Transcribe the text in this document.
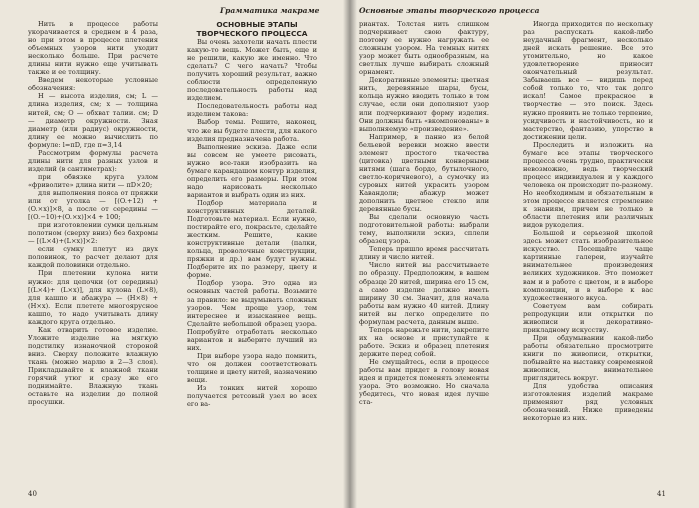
Грамматика макраме

Нить в процессе работы укорачивается в среднем в 4 раза, но при этом в процессе плетения объемных узоров нити уходит несколько больше. При расчете длины нити нужно еще учитывать также и ее толщину.

Введем некоторые условные обозначения:

H — высота изделия, см; L — длина изделия, см; x — толщина нитей, см; O — обхват талии. см; D — диаметр окружности. Зная диаметр (или радиус) окружности, длину ее можно вычислить по формуле: l=πD, где π=3,14

Рассмотрим формулы расчета длины нити для разных узлов и изделий (в сантиметрах):

при обвязке круга узлом «фриволите» длина нити — πD×20;

для выполнения пояса от пряжки или от уголка — [(O.+12) + (O.×x)]×8, а после от середины — [(O.−10)+(O.×x)]×4 + 100;

при изготовлении сумки цельным полотном (сверху вниз) без бахромы — [(L×4)+(L×x)]×2:

если сумку плетут из двух половинок, то расчет делают для каждой половинки отдельно.

При плетении кулона нити нужно: для цепочки (от середины) [(L×4)+ (L×x)], для кулона (L×8), для кашпо и абажура — (H×8) + (H×x). Если плетете многоярусное кашпо, то надо учитывать длину каждого круга отдельно.

Как отварить готовое изделие. Уложите изделие на мягкую подстилку изнаночной стороной вниз. Сверху положите влажную ткань (можно марлю в 2—3 слоя). Прикладывайте к влажной ткани горячий утюг и сразу же его поднимайте. Влажную ткань оставьте на изделии до полной просушки.

ОСНОВНЫЕ ЭТАПЫ ТВОРЧЕСКОГО ПРОЦЕССА

Вы очень захотели начать плести какую-то вещь. Может быть, еще и не решили, какую же именно. Что сделать? С чего начать? Чтобы получить хороший результат, важно соблюсти определенную последовательность работы над изделием.

Последовательность работы над изделием такова:

Выбор темы. Решите, наконец, что же вы будете плести, для какого изделия предназначена работа.

Выполнение эскиза. Даже если вы совсем не умеете рисовать, нужно все-таки изобразить на бумаге карандашом контур изделия, определить его размеры. При этом надо нарисовать несколько вариантов и выбрать один из них.

Подбор материала и конструктивных деталей. Подготовьте материал. Если нужно, постирайте его, покрасьте, сделайте жестким. Решите, какие конструктивные детали (палки, кольца, проволочные конструкции, пряжки и др.) вам будут нужны. Подберите их по размеру, цвету и форме.

Подбор узора. Это одна из основных частей работы. Возьмите за правило: не выдумывать сложных узоров. Чем проще узор, тем интереснее и изысканнее вещь. Сделайте небольшой образец узора. Попробуйте отработать несколько вариантов и выберите лучший из них.

При выборе узора надо помнить, что он должен соответствовать толщине и цвету нитей, назначению вещи.

Из тонких нитей хорошо получается ретсовый узел во всех его ва-

40
Основные этапы творческого процесса

риантах. Толстая нить слишком подчеркивает свою фактуру, поэтому ее нужно нагружать ее сложным узором. На темных нитях узор может быть однообразным, на светлых лучше выбирать сложный орнамент.

Декоративные элементы: цветная нить, деревянные шары, бусы, кольца нужно вводить только в том случае, если они дополняют узор или подчеркивают форму изделия. Они должны быть «вкомпонованы» в выполняемую «произведение».

Например, в панно из белой бельевой веревки можно ввести элемент простого ткачества (цитовка) цветными конверными нитями (шага бордо, бутылочного, светло-коричневого), а сумочку из суровых нитей украсить узором Кавандоли; абажур может дополнить цветное стекло или деревянные бусы.

Вы сделали основную часть подготовительной работы: выбрали тему, выполнили эскиз, сплели образец узора.

Теперь пришло время рассчитать длину и число нитей.

Число нитей вы рассчитываете по образцу. Предположим, в вашем образце 20 нитей, ширина его 15 см, а само изделие должно иметь ширину 30 см. Значит, для начала работы вам нужно 40 нитей. Длину нитей вы легко определите по формулам расчета, данным выше.

Теперь нарежьте нити, закрепите их на основе и приступайте к работе. Эскиз и образец плетения держите перед собой.

Не смущайтесь, если в процессе работы вам придет в голову новая идея и придется поменять элементы узора. Это возможно. Но сначала убедитесь, что новая идея лучше ста-

Иногда приходится по нескольку раз распускать какой-либо неудачный фрагмент, несколько дней искать решение. Все это утомительно, но какое удовлетворение приносит окончательный результат. Забываешь все — видишь перед собой только то, что так долго искал! Самое прекрасное в творчестве — это поиск. Здесь нужно проявить не только терпение, усидчивость и настойчивость, но и мастерство, фантазию, упорство в достижении цели.

Проследить и изложить на бумаге все этапы творческого процесса очень трудно, практически невозможно, ведь творческий процесс индивидуален и у каждого человека он происходит по-разному. Но необходимым и обязательным в этом процессе является стремление к знаниям, причем не только в области плетения или различных видов рукоделия.

Большой и серьезной школой здесь может стать изобразительное искусство. Посещайте чаще картинные галереи, изучайте внимательнее произведения великих художников. Это поможет вам и в работе с цветом, и в выборе композиции, и в выборе к вас художественного вкуса.

Советуем вам собирать репродукции или открытки по живописи и декоративно-прикладному искусству.

При обдумывании какой-либо работы обязательно просмотрите книги по живописи, открытки, побывайте на выставку современной живописи, внимательнее приглядитесь вокруг.

Для удобства описания изготовления изделий макраме применяют ряд условных обозначений. Ниже приведены некоторые из них.

41
